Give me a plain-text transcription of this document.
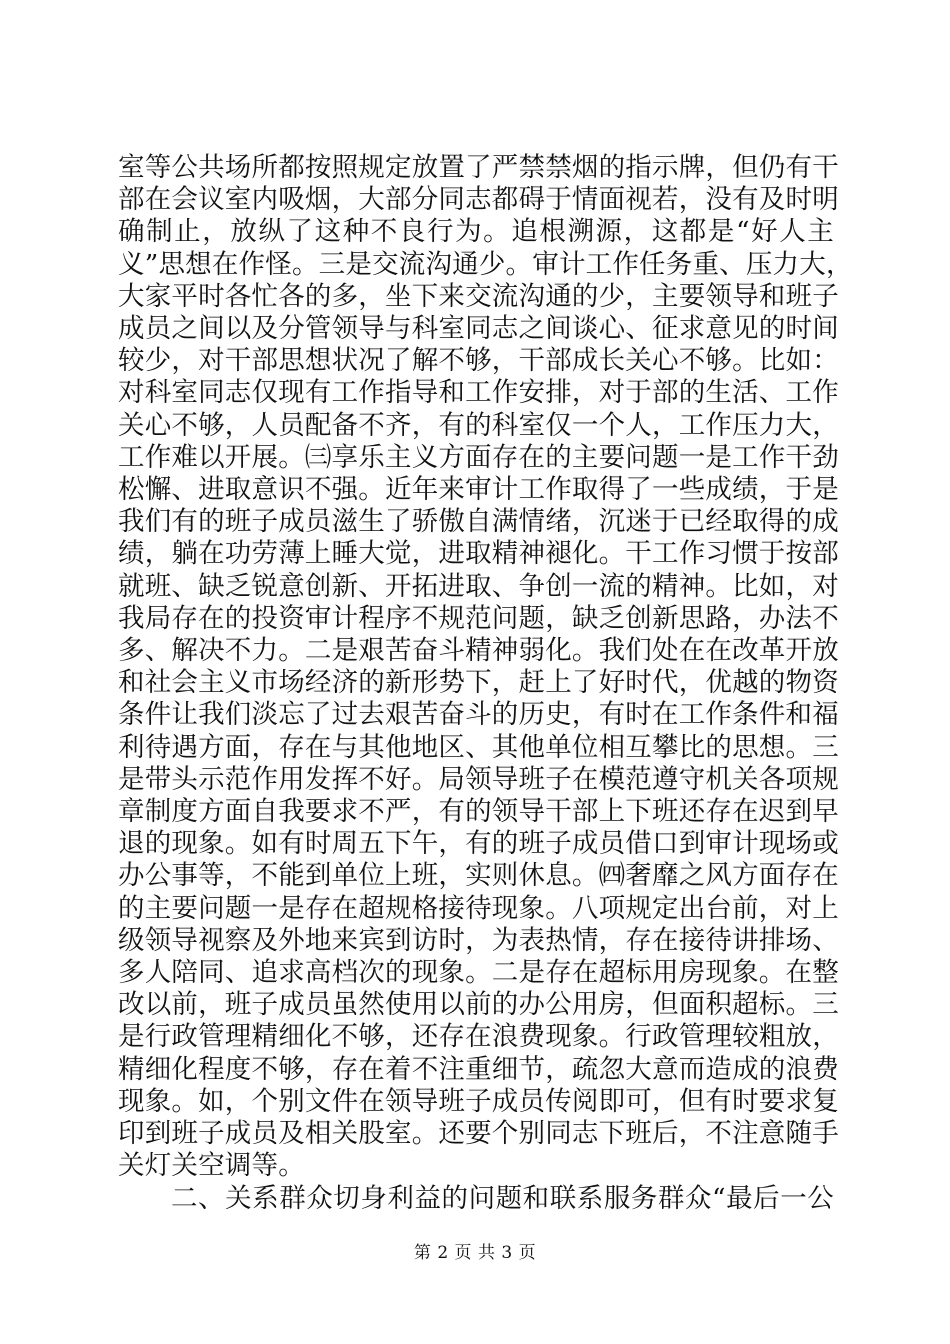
室等公共场所都按照规定放置了严禁禁烟的指示牌，但仍有干
部在会议室内吸烟，大部分同志都碍于情面视若，没有及时明
确制止，放纵了这种不良行为。追根溯源，这都是“好人主
义”思想在作怪。三是交流沟通少。审计工作任务重、压力大，
大家平时各忙各的多，坐下来交流沟通的少，主要领导和班子
成员之间以及分管领导与科室同志之间谈心、征求意见的时间
较少，对干部思想状况了解不够，干部成长关心不够。比如：
对科室同志仅现有工作指导和工作安排，对于部的生活、工作
关心不够，人员配备不齐，有的科室仅一个人，工作压力大，
工作难以开展。㈢享乐主义方面存在的主要问题一是工作干劲
松懈、进取意识不强。近年来审计工作取得了一些成绩，于是
我们有的班子成员滋生了骄傲自满情绪，沉迷于已经取得的成
绩，躺在功劳薄上睡大觉，进取精神褪化。干工作习惯于按部
就班、缺乏锐意创新、开拓进取、争创一流的精神。比如，对
我局存在的投资审计程序不规范问题，缺乏创新思路，办法不
多、解决不力。二是艰苦奋斗精神弱化。我们处在在改革开放
和社会主义市场经济的新形势下，赶上了好时代，优越的物资
条件让我们淡忘了过去艰苦奋斗的历史，有时在工作条件和福
利待遇方面，存在与其他地区、其他单位相互攀比的思想。三
是带头示范作用发挥不好。局领导班子在模范遵守机关各项规
章制度方面自我要求不严，有的领导干部上下班还存在迟到早
退的现象。如有时周五下午，有的班子成员借口到审计现场或
办公事等，不能到单位上班，实则休息。㈣奢靡之风方面存在
的主要问题一是存在超规格接待现象。八项规定出台前，对上
级领导视察及外地来宾到访时，为表热情，存在接待讲排场、
多人陪同、追求高档次的现象。二是存在超标用房现象。在整
改以前，班子成员虽然使用以前的办公用房，但面积超标。三
是行政管理精细化不够，还存在浪费现象。行政管理较粗放，
精细化程度不够，存在着不注重细节，疏忽大意而造成的浪费
现象。如，个别文件在领导班子成员传阅即可，但有时要求复
印到班子成员及相关股室。还要个别同志下班后，不注意随手
关灯关空调等。
二、关系群众切身利益的问题和联系服务群众“最后一公
第 2 页 共 3 页
